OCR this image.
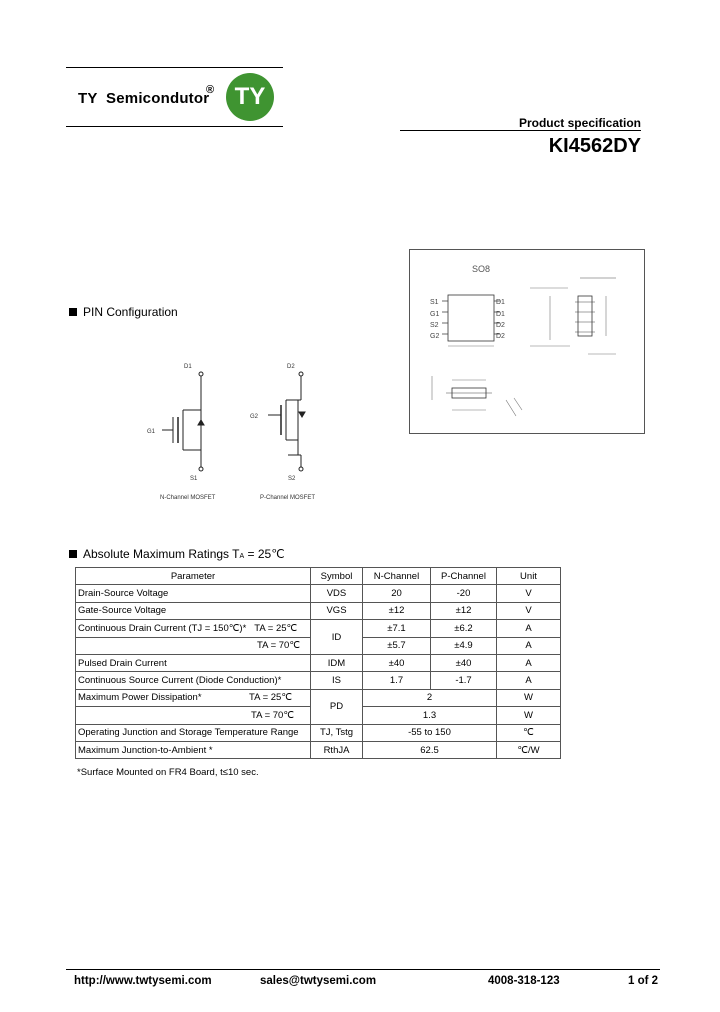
TY  Semicondutor
® TY
Product specification
KI4562DY
SO8
S1
G1
S2
G2
D1
D1
D2
D2
PIN Configuration
D1
G1
S1
D2
G2
S2
N-Channel MOSFET	P-Channel MOSFET
Absolute Maximum Ratings TA = 25℃
Parameter	Symbol	N-Channel	P-Channel	Unit
Drain-Source Voltage	VDS	20	-20	V
Gate-Source Voltage	VGS	±12	±12	V
Continuous Drain Current (TJ = 150℃)* TA = 25℃	ID	±7.1	±6.2	A
TA = 70℃		±5.7	±4.9	A
Pulsed Drain Current	IDM	±40	±40	A
Continuous Source Current (Diode Conduction)*	IS	1.7	-1.7	A
Maximum Power Dissipation* TA = 25℃	PD	2		W
TA = 70℃		1.3		W
Operating Junction and Storage Temperature Range	TJ, Tstg	-55 to 150		℃
Maximum Junction-to-Ambient *	RthJA	62.5		℃/W
*Surface Mounted on FR4 Board, t≤10 sec.
http://www.twtysemi.com	sales@twtysemi.com	4008-318-123	1 of 2
